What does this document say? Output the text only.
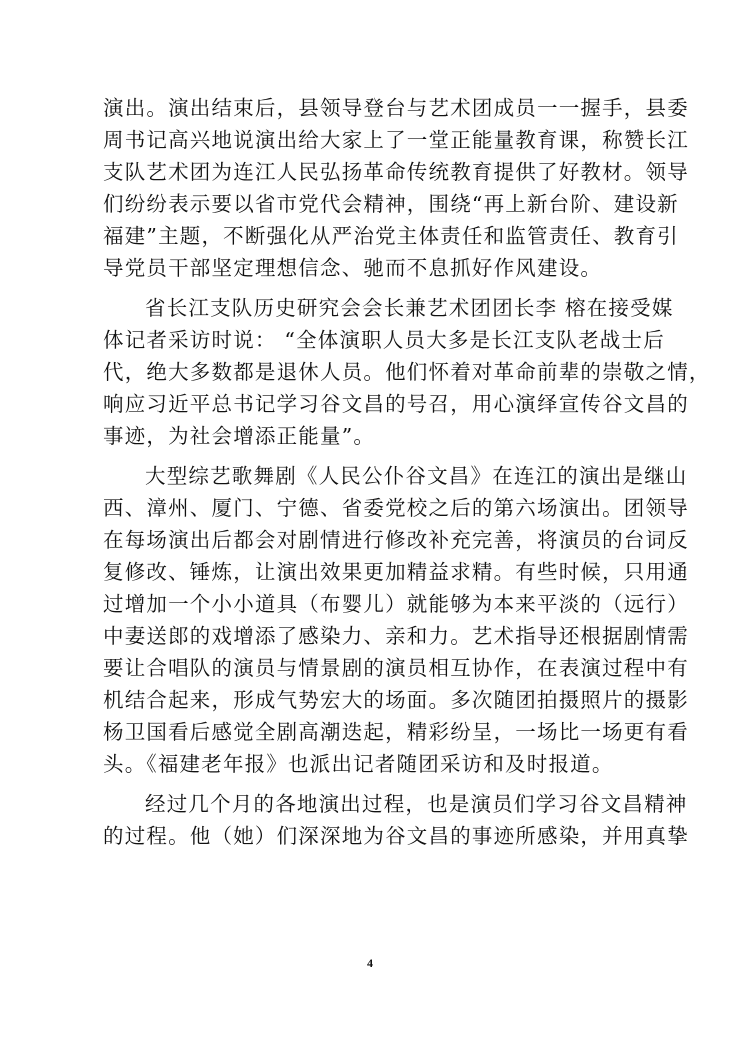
演出。演出结束后，县领导登台与艺术团成员一一握手，县委
周书记高兴地说演出给大家上了一堂正能量教育课，称赞长江
支队艺术团为连江人民弘扬革命传统教育提供了好教材。领导
们纷纷表示要以省市党代会精神，围绕“再上新台阶、建设新
福建”主题，不断强化从严治党主体责任和监管责任、教育引
导党员干部坚定理想信念、驰而不息抓好作风建设。
省长江支队历史研究会会长兼艺术团团长李 榕在接受媒
体记者采访时说： “全体演职人员大多是长江支队老战士后
代，绝大多数都是退休人员。他们怀着对革命前辈的崇敬之情，
响应习近平总书记学习谷文昌的号召，用心演绎宣传谷文昌的
事迹，为社会增添正能量”。
大型综艺歌舞剧《人民公仆谷文昌》在连江的演出是继山
西、漳州、厦门、宁德、省委党校之后的第六场演出。团领导
在每场演出后都会对剧情进行修改补充完善，将演员的台词反
复修改、锤炼，让演出效果更加精益求精。有些时候，只用通
过增加一个小小道具（布婴儿）就能够为本来平淡的（远行）
中妻送郎的戏增添了感染力、亲和力。艺术指导还根据剧情需
要让合唱队的演员与情景剧的演员相互协作，在表演过程中有
机结合起来，形成气势宏大的场面。多次随团拍摄照片的摄影
杨卫国看后感觉全剧高潮迭起，精彩纷呈，一场比一场更有看
头。《福建老年报》也派出记者随团采访和及时报道。
经过几个月的各地演出过程，也是演员们学习谷文昌精神
的过程。他（她）们深深地为谷文昌的事迹所感染，并用真挚
4
